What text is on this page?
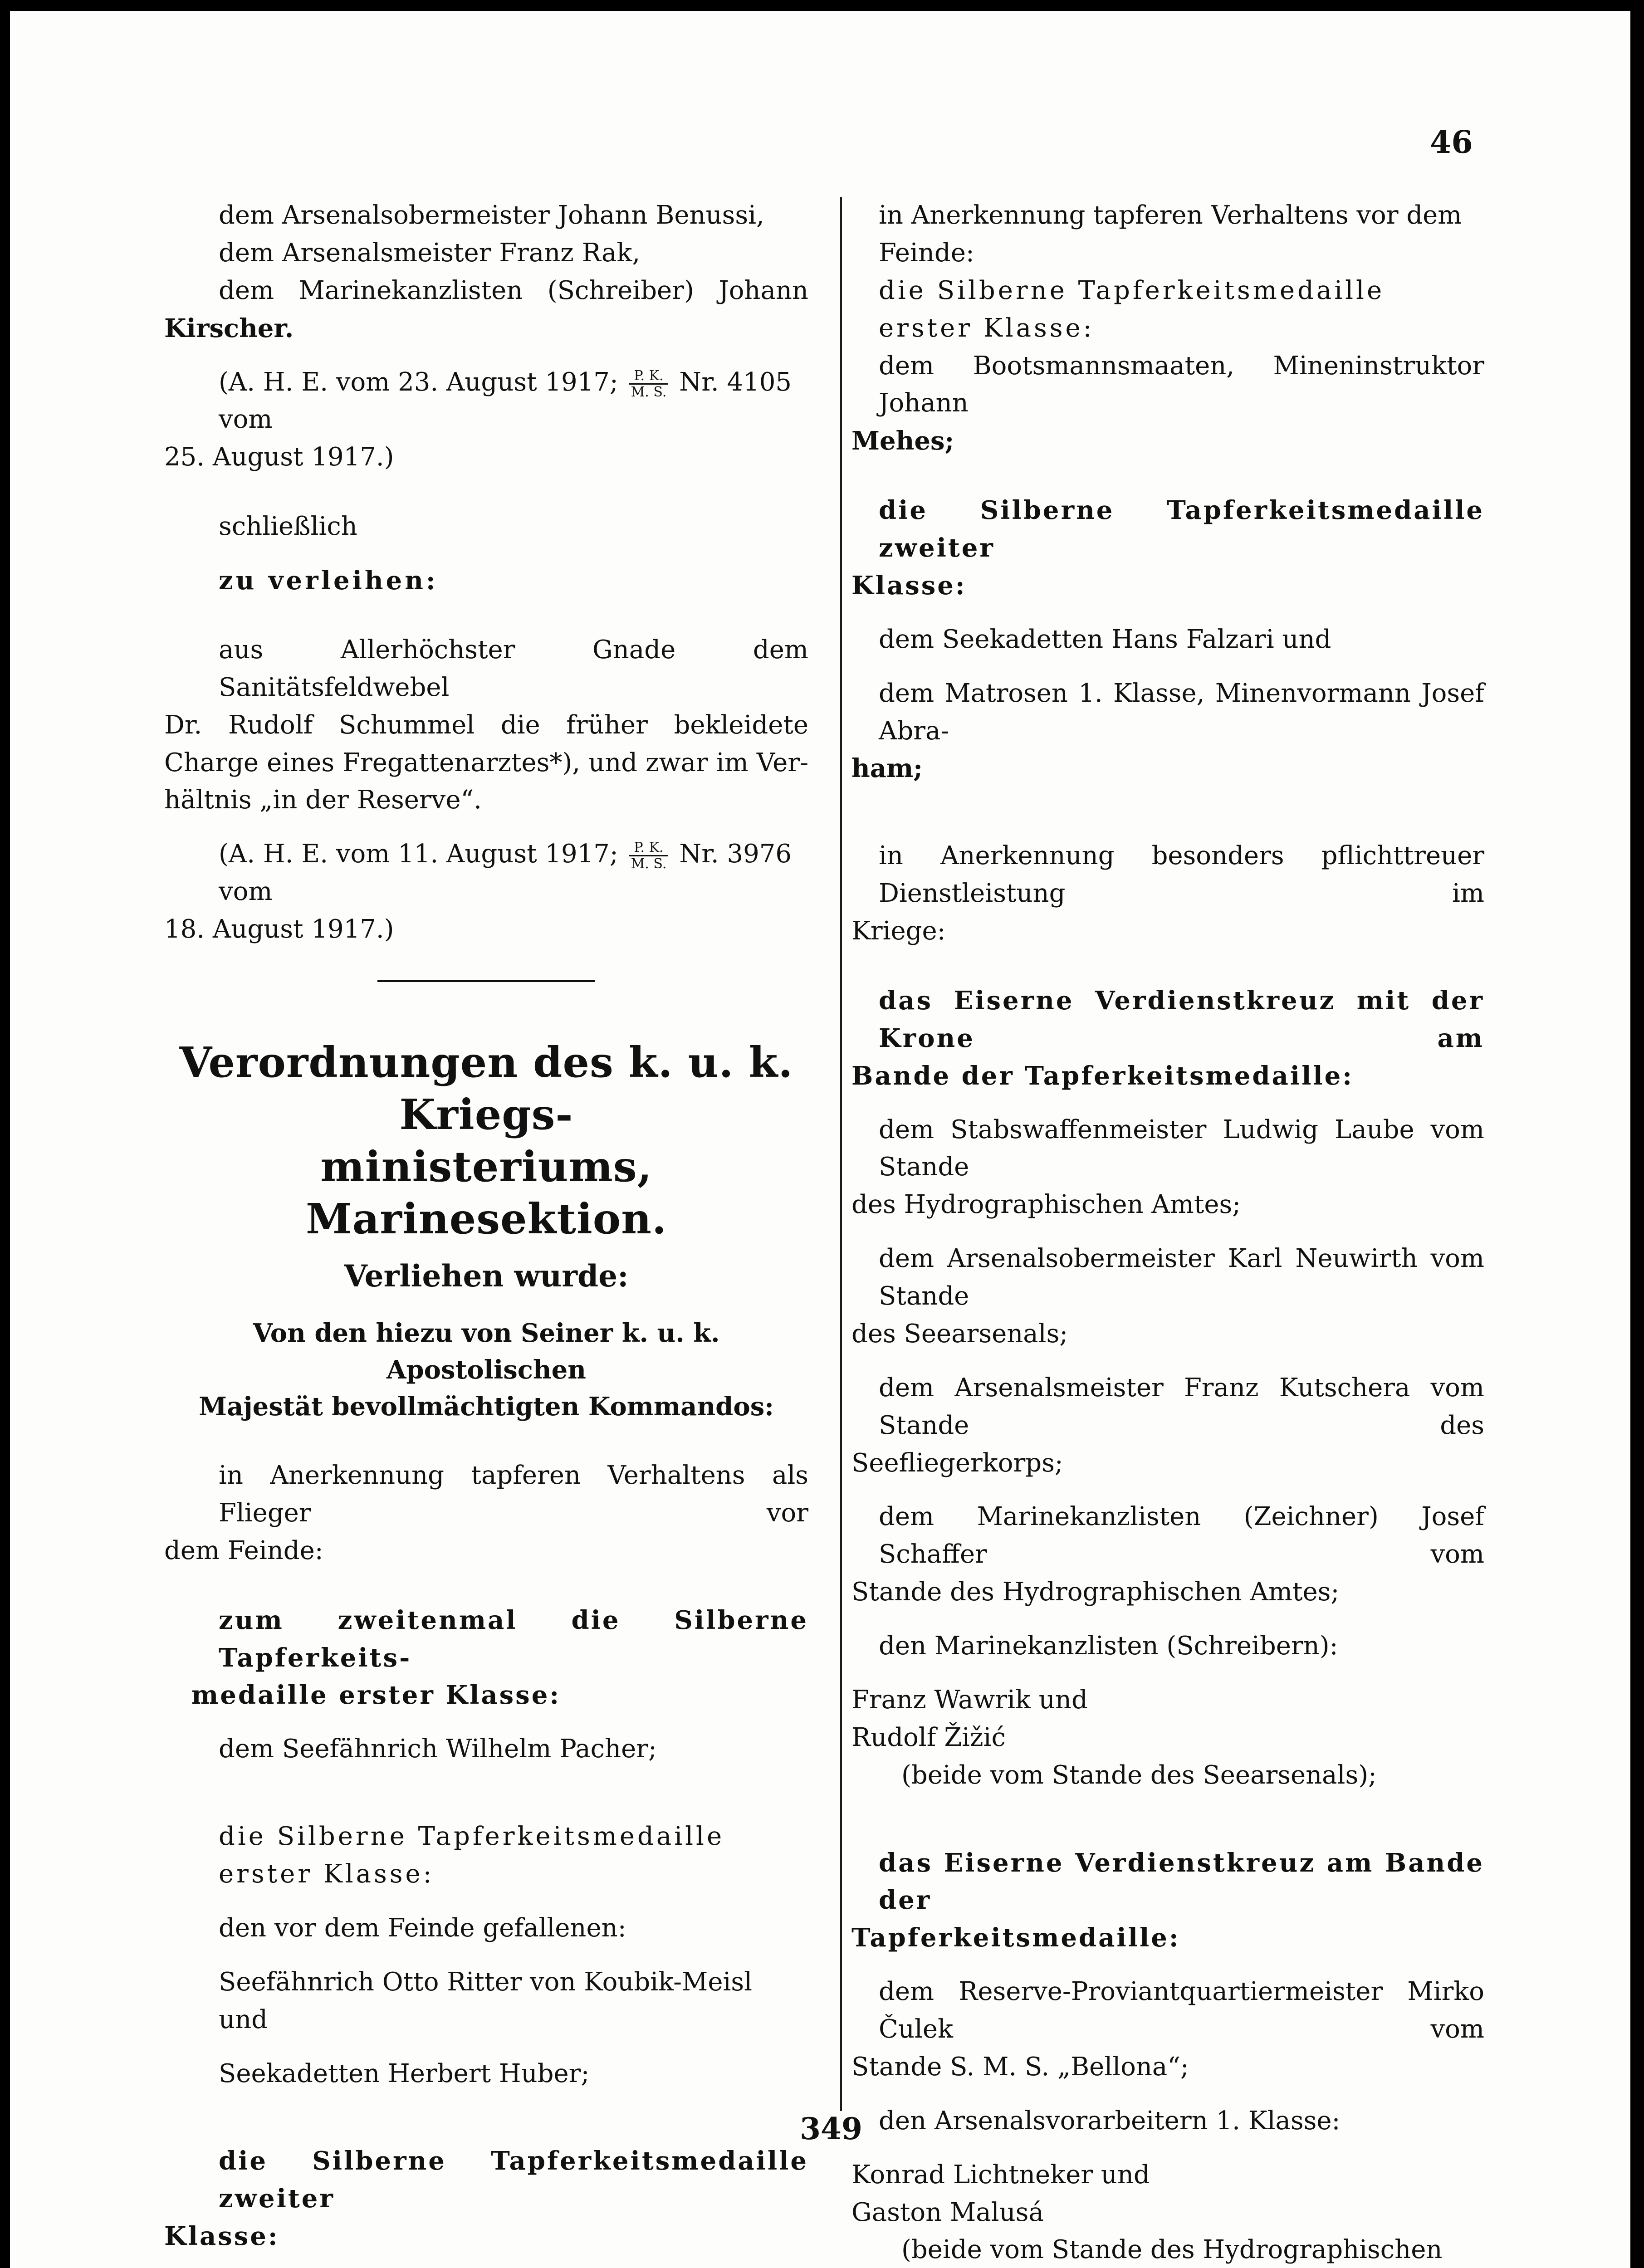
46

dem Arsenalsobermeister Johann Benussi,

dem Arsenalsmeister Franz Rak,

dem Marinekanzlisten (Schreiber) Johann

Kirscher.

(A. H. E. vom 23. August 1917; $\frac{P. K.}{M. S.} Nr$. 4105 vom

25. August 1917.)

schließlich

zu verleihen:

aus Allerhöchster Gnade dem Sanitätsfeldwebel

Dr. Rudolf Schummel die früher bekleidete

Charge eines Fregattenarztes*), und zwar im Ver-

hältnis „in der Reserve“.

(A. H. E. vom 11. August 1917; $\frac{P. K.}{M. S.} Nr$. 3976 vom

18. August 1917.)

Verordnungen des k. u. k. Kriegs-
ministeriums, Marinesektion.

Verliehen wurde:

Von den hiezu von Seiner k. u. k. Apostolischen
Majestät bevollmächtigten Kommandos:

in Anerkennung tapferen Verhaltens als Flieger vor

dem Feinde:

zum zweitenmal die Silberne Tapferkeits-

medaille erster Klasse:

dem Seefähnrich Wilhelm Pacher;

die Silberne Tapferkeitsmedaille erster Klasse:

den vor dem Feinde gefallenen:

Seefähnrich Otto Ritter von Koubik-Meisl und

Seekadetten Herbert Huber;

die Silberne Tapferkeitsmedaille zweiter

Klasse:

in Anerkennung tapferen Verhaltens vor dem Feinde:

die Silberne Tapferkeitsmedaille erster Klasse:

dem Bootsmannsmaaten, Mineninstruktor Johann

Mehes;

die Silberne Tapferkeitsmedaille zweiter

Klasse:

dem Seekadetten Hans Falzari und

dem Matrosen 1. Klasse, Minenvormann Josef Abra-

ham;

in Anerkennung besonders pflichttreuer Dienstleistung im

Kriege:

das Eiserne Verdienstkreuz mit der Krone am

Bande der Tapferkeitsmedaille:

dem Stabswaffenmeister Ludwig Laube vom Stande

des Hydrographischen Amtes;

dem Arsenalsobermeister Karl Neuwirth vom Stande

des Seearsenals;

dem Arsenalsmeister Franz Kutschera vom Stande des

Seefliegerkorps;

dem Marinekanzlisten (Zeichner) Josef Schaffer vom

Stande des Hydrographischen Amtes;

den Marinekanzlisten (Schreibern):

Franz Wawrik und

Rudolf Žižić

(beide vom Stande des Seearsenals);

das Eiserne Verdienstkreuz am Bande der

Tapferkeitsmedaille:

dem Reserve-Proviantquartiermeister Mirko Čulek vom

Stande S. M. S. „Bellona“;

den Arsenalsvorarbeitern 1. Klasse:

Konrad Lichtneker und

Gaston Malusá

(beide vom Stande des Hydrographischen

349
